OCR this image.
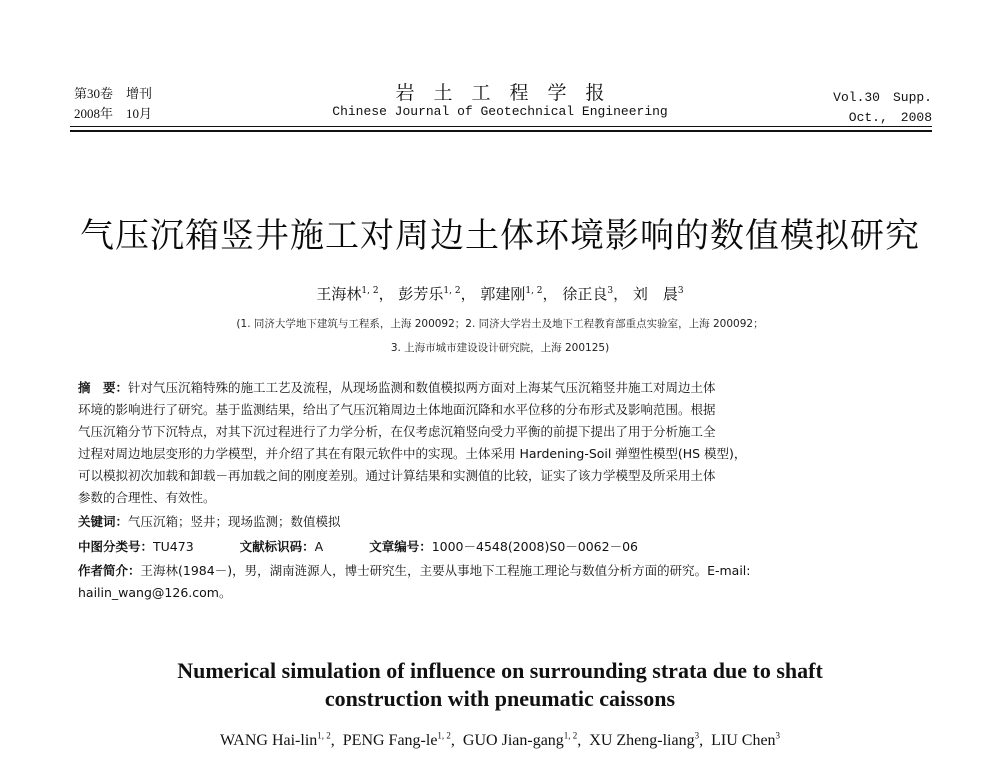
第30卷　增刊
2008年　10月
岩　土　工　程　学　报
Chinese Journal of Geotechnical Engineering
Vol.30　Supp.
Oct.,　2008
气压沉箱竖井施工对周边土体环境影响的数值模拟研究
王海林$^{1, 2}$， 彭芳乐$^{1, 2}$， 郭建刚$^{1, 2}$， 徐正良$^3$， 刘　晨$^3$
(1. 同济大学地下建筑与工程系，上海 200092；2. 同济大学岩土及地下工程教育部重点实验室，上海 200092；
3. 上海市城市建设设计研究院，上海 200125)
摘　要：针对气压沉箱特殊的施工工艺及流程，从现场监测和数值模拟两方面对上海某气压沉箱竖井施工对周边土体
环境的影响进行了研究。基于监测结果，给出了气压沉箱周边土体地面沉降和水平位移的分布形式及影响范围。根据
气压沉箱分节下沉特点，对其下沉过程进行了力学分析，在仅考虑沉箱竖向受力平衡的前提下提出了用于分析施工全
过程对周边地层变形的力学模型，并介绍了其在有限元软件中的实现。土体采用 Hardening-Soil 弹塑性模型(HS 模型)，
可以模拟初次加载和卸载－再加载之间的刚度差别。通过计算结果和实测值的比较，证实了该力学模型及所采用土体
参数的合理性、有效性。
关键词：气压沉箱；竖井；现场监测；数值模拟
中图分类号：TU473	文献标识码：A	文章编号：1000－4548(2008)S0－0062－06
作者简介：王海林(1984－)，男，湖南涟源人，博士研究生，主要从事地下工程施工理论与数值分析方面的研究。E-mail:
hailin_wang@126.com。
Numerical simulation of influence on surrounding strata due to shaft
construction with pneumatic caissons
WANG Hai-lin$^{1, 2}$,  PENG Fang-le$^{1, 2}$,  GUO Jian-gang$^{1, 2}$,  XU Zheng-liang$^3$,  LIU Chen$^3$
